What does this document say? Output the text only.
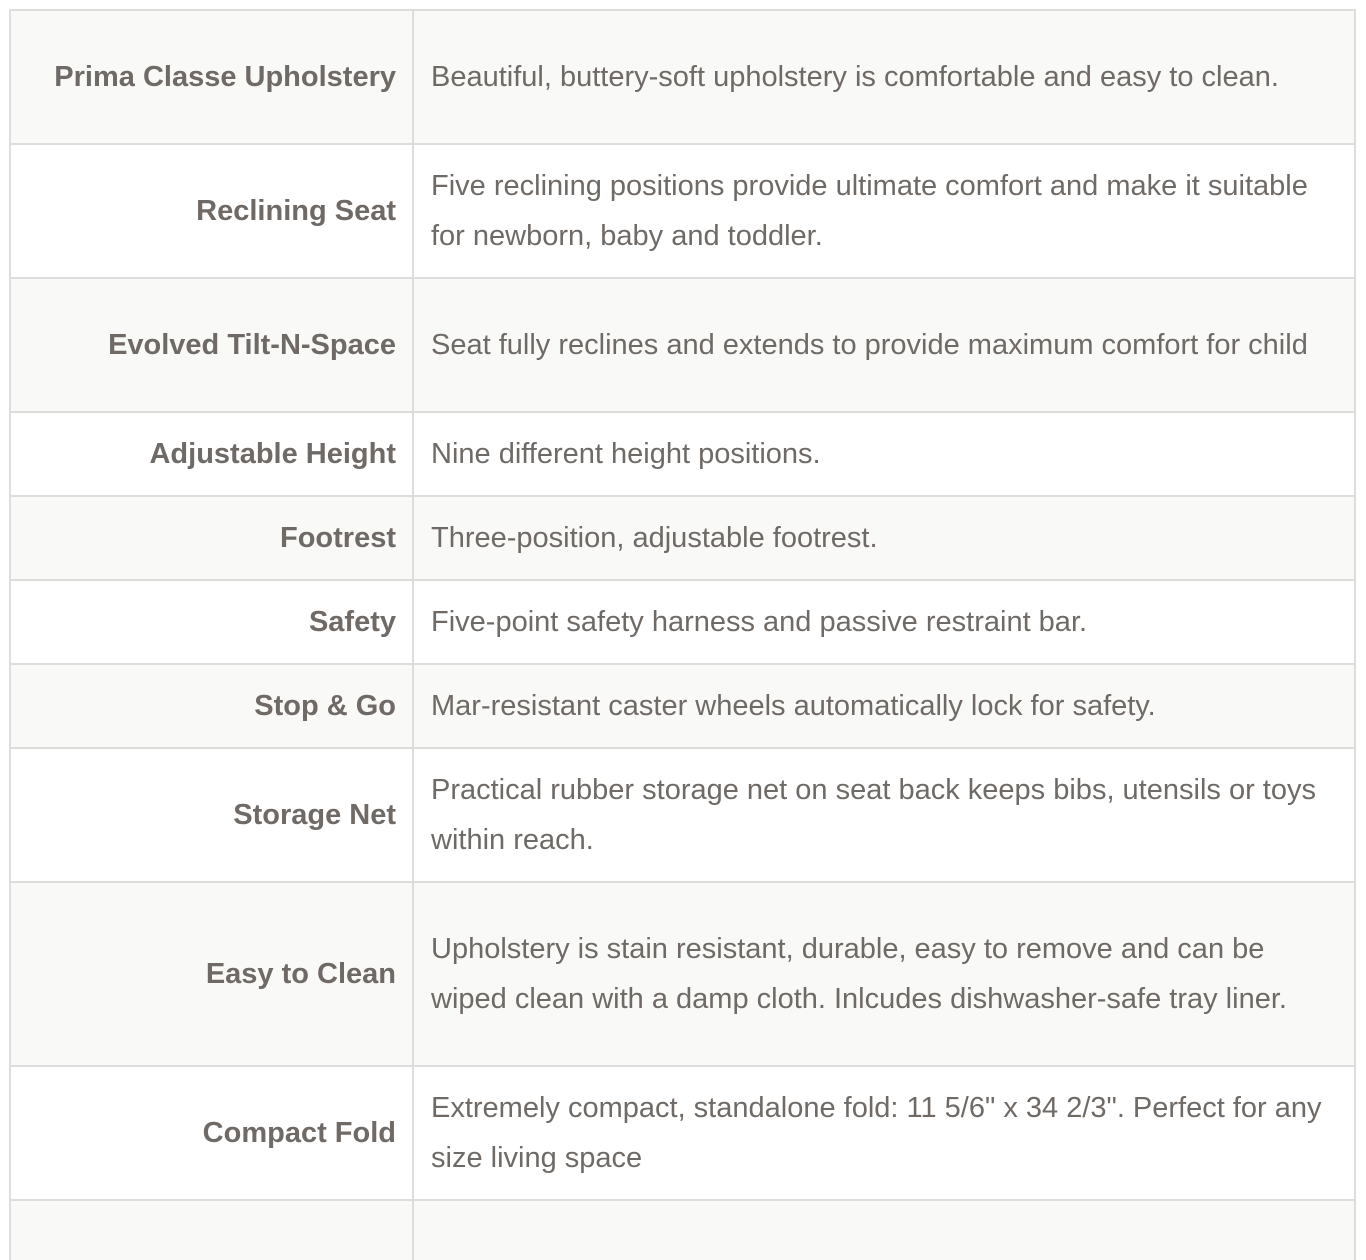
Prima Classe Upholstery	Beautiful, buttery-soft upholstery is comfortable and easy to clean.
Reclining Seat	Five reclining positions provide ultimate comfort and make it suitable for newborn, baby and toddler.
Evolved Tilt-N-Space	Seat fully reclines and extends to provide maximum comfort for child
Adjustable Height	Nine different height positions.
Footrest	Three-position, adjustable footrest.
Safety	Five-point safety harness and passive restraint bar.
Stop & Go	Mar-resistant caster wheels automatically lock for safety.
Storage Net	Practical rubber storage net on seat back keeps bibs, utensils or toys within reach.
Easy to Clean	Upholstery is stain resistant, durable, easy to remove and can be wiped clean with a damp cloth. Inlcudes dishwasher-safe tray liner.
Compact Fold	Extremely compact, standalone fold: 11 5/6" x 34 2/3". Perfect for any size living space
